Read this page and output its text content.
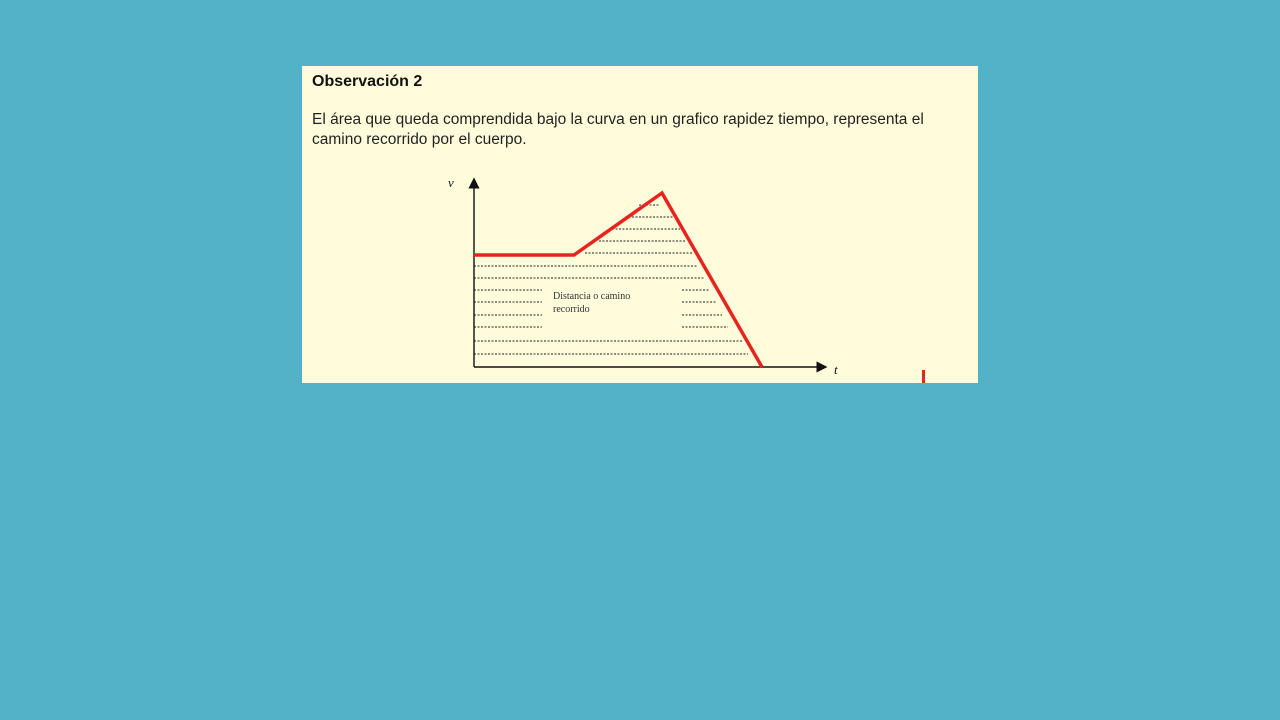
Observación 2

El área que queda comprendida bajo la curva en un grafico rapidez tiempo, representa el camino recorrido por el cuerpo.

v
t
Distancia o camino
recorrido
